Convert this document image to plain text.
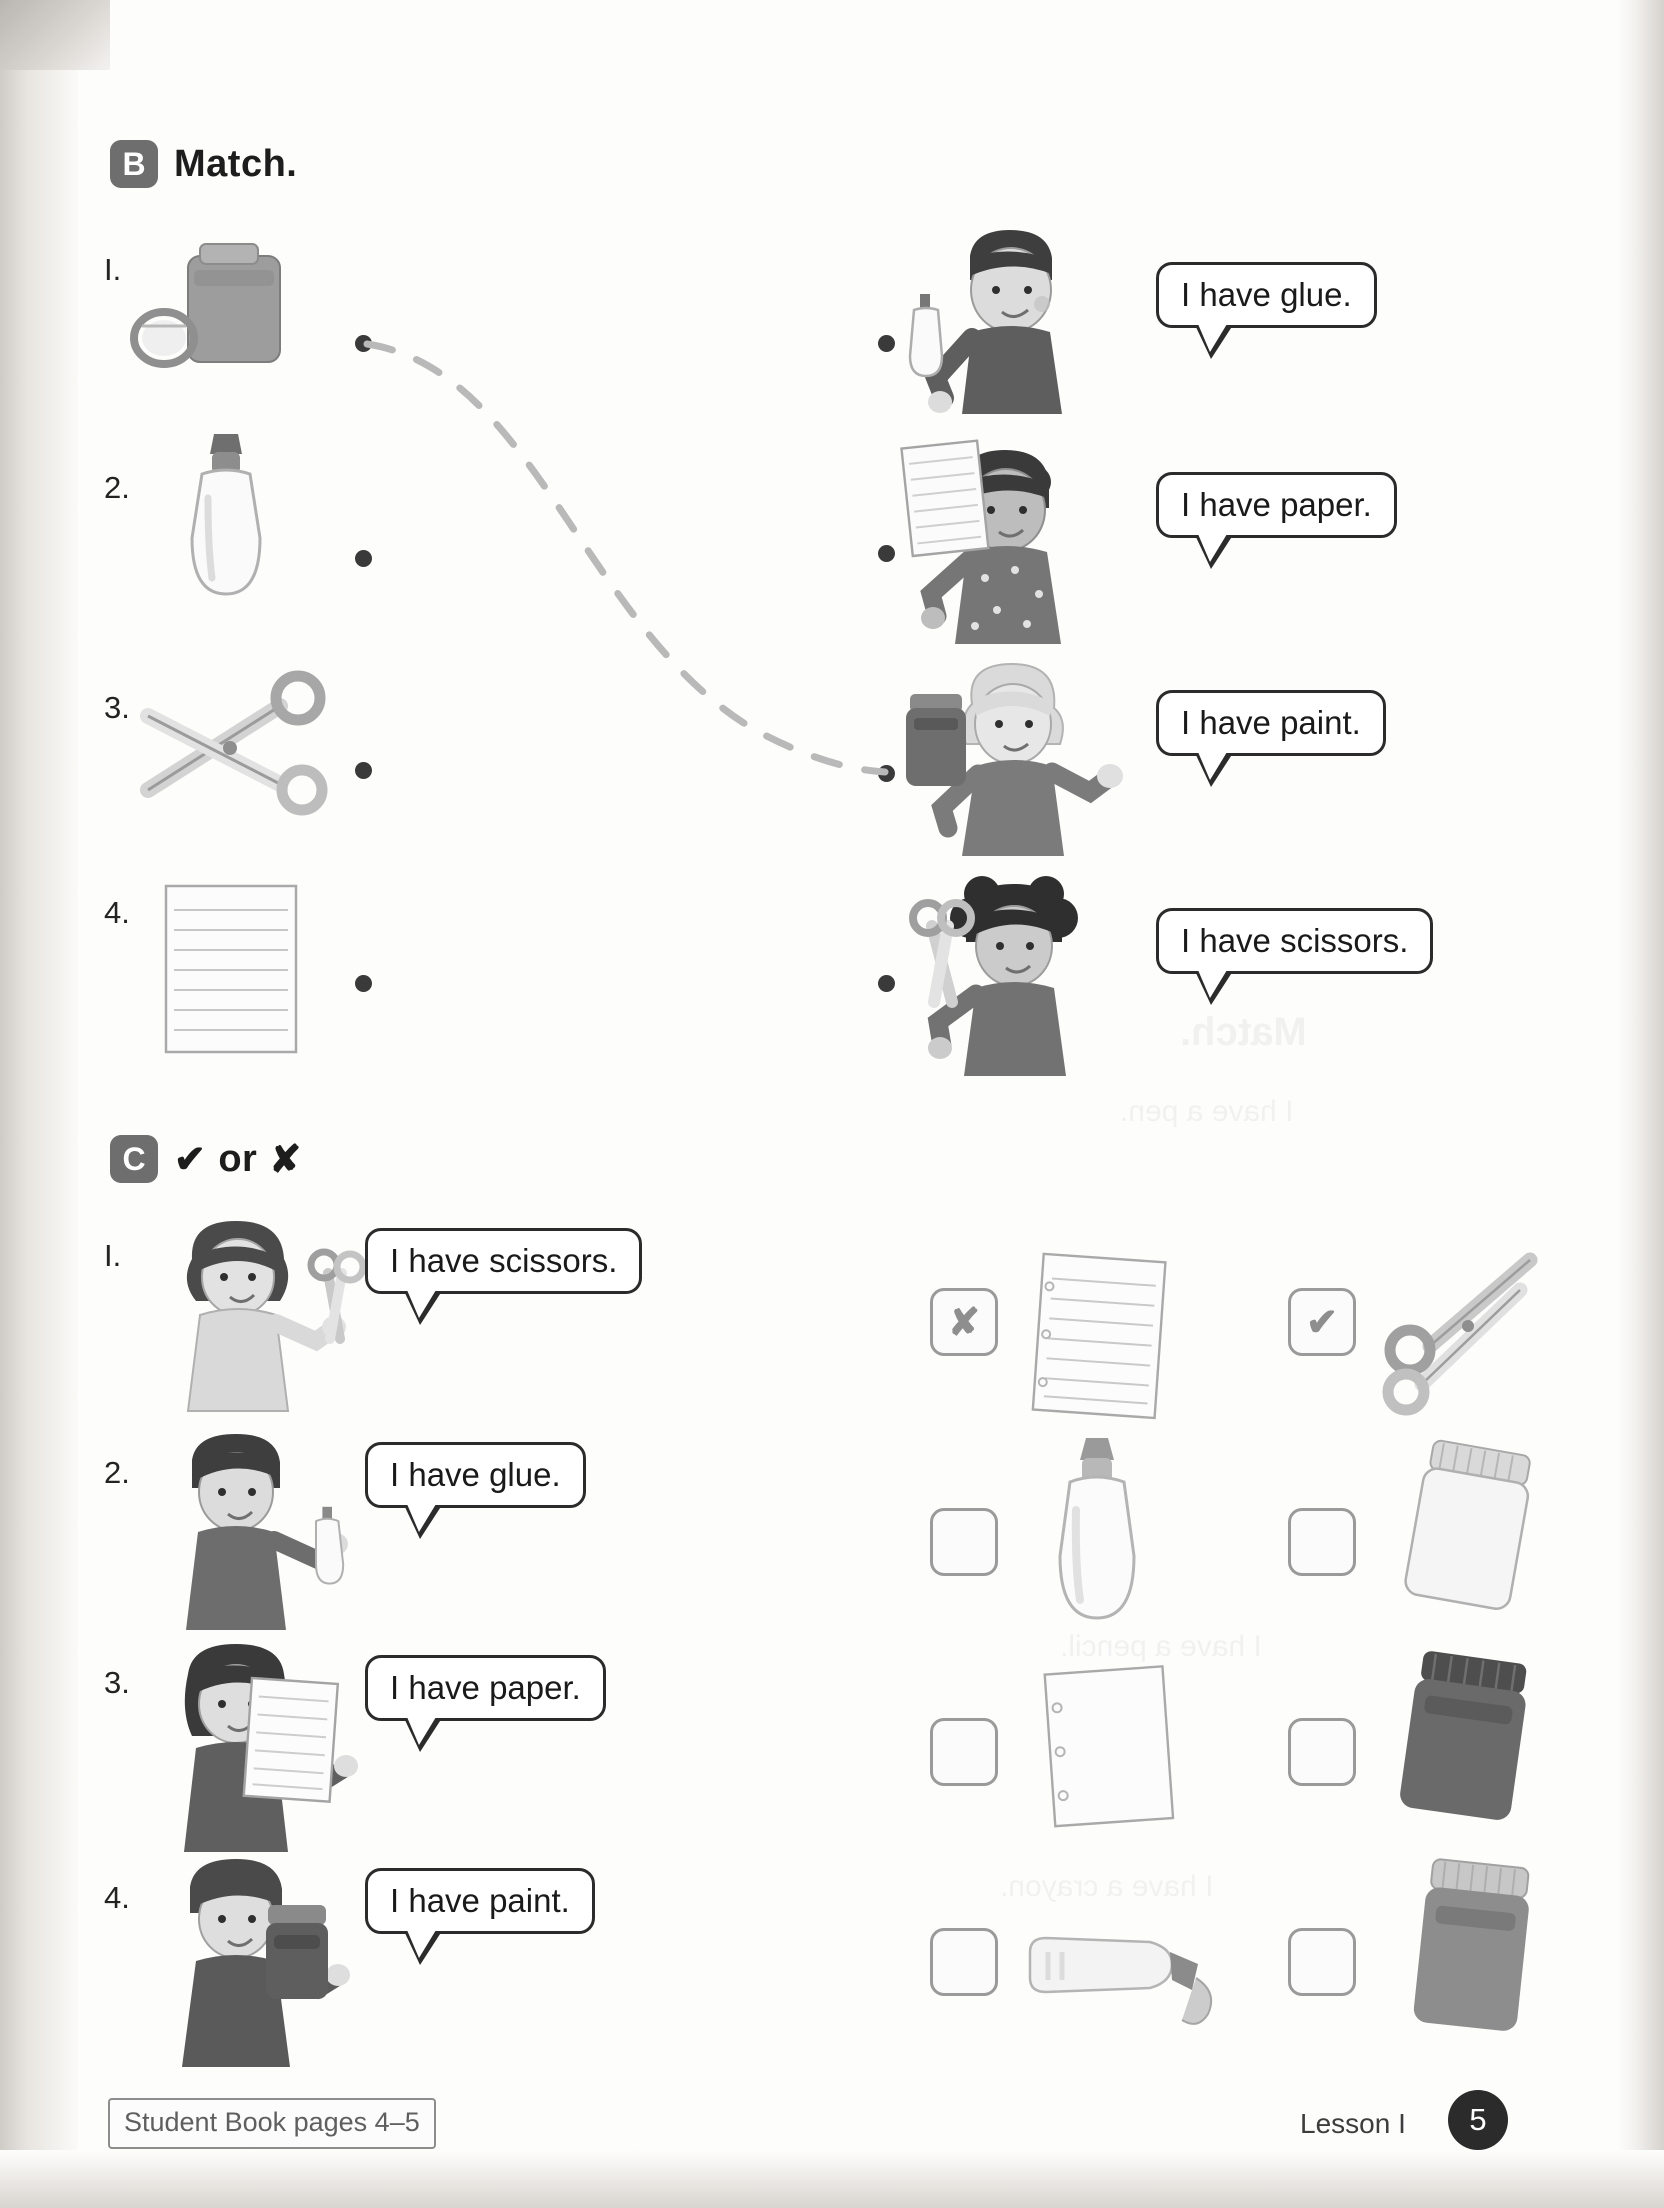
Match.
I have a pen.
I have a pencil.
I have a crayon.
B Match.
I.
2.
3.
4.
I have glue.
I have paper.
I have paint.
I have scissors.
C ✔ or ✘
I.
2.
3.
4.
I have scissors.
✘	✔
I have glue.
I have paper.
I have paint.
Student Book pages 4–5	Lesson I	5
